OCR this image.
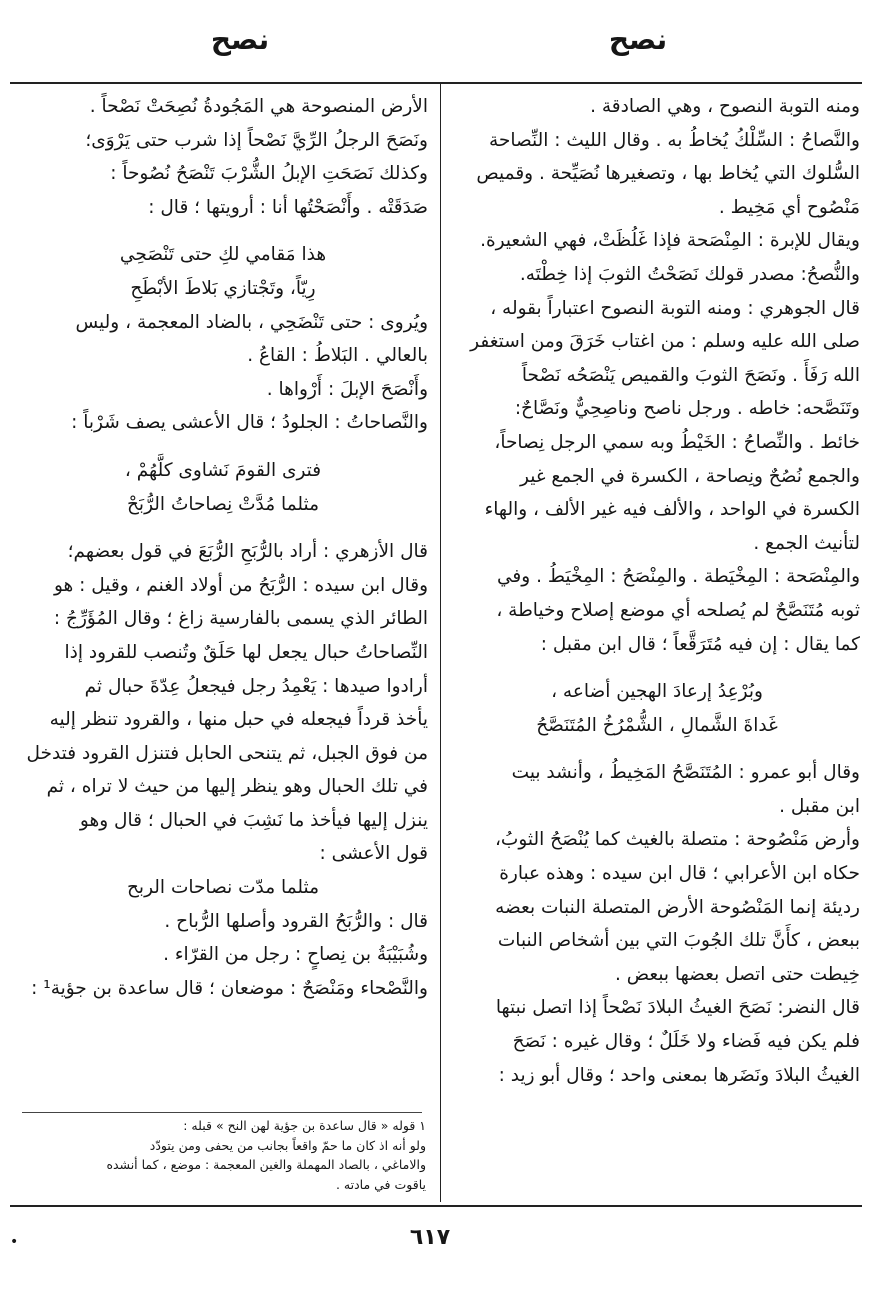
نصح
نصح

ومنه التوبة النصوح ، وهي الصادقة .

والنَّصاحُ : السِّلْكُ يُخاطُ به . وقال الليث : النِّصاحة

السُّلوك التي يُخاط بها ، وتصغيرها نُصَيِّحة . وقميص

مَنْصُوح أي مَخِيط .

ويقال للإبرة : المِنْصَحة فإذا غَلُظَتْ، فهي الشعيرة.

والنُّصحُ: مصدر قولك نَصَحْتُ الثوبَ إذا خِطْتَه.

قال الجوهري : ومنه التوبة النصوح اعتباراً بقوله ،

صلى الله عليه وسلم : من اغتاب خَرَقَ ومن استغفر

الله رَفَأَ . ونَصَحَ الثوبَ والقميص يَنْصَحُه نَصْحاً

وتَنَصَّحه: خاطه . ورجل ناصح وناصِحِيٌّ ونَصَّاحٌ:

خائط . والنِّصاحُ : الخَيْطُ وبه سمي الرجل نِصاحاً،

والجمع نُصُحٌ ونِصاحة ، الكسرة في الجمع غير

الكسرة في الواحد ، والألف فيه غير الألف ، والهاء

لتأنيث الجمع .

والمِنْصَحة : المِخْيَطة . والمِنْصَحُ : المِخْيَطُ . وفي

ثوبه مُتَنَصَّحٌ لم يُصلحه أي موضع إصلاح وخياطة ،

كما يقال : إن فيه مُتَرَقَّعاً ؛ قال ابن مقبل :

وبُرْعِدُ إرعادَ الهجين أضاعه ،

غَداةَ الشَّمالِ ، الشُّمْرُخُ المُتَنَصَّحُ

وقال أبو عمرو : المُتَنَصَّحُ المَخِيطُ ، وأنشد بيت

ابن مقبل .

وأرض مَنْصُوحة : متصلة بالغيث كما يُنْصَحُ الثوبُ،

حكاه ابن الأعرابي ؛ قال ابن سيده : وهذه عبارة

رديئة إنما المَنْصُوحة الأرض المتصلة النبات بعضه

ببعض ، كأَنَّ تلك الجُوبَ التي بين أشخاص النبات

خِيطت حتى اتصل بعضها ببعض .

قال النضر: نَصَحَ الغيثُ البلادَ نَصْحاً إذا اتصل نبتها

فلم يكن فيه فَضاء ولا خَلَلٌ ؛ وقال غيره : نَصَحَ

الغيثُ البلادَ ونَضَرها بمعنى واحد ؛ وقال أبو زيد :

الأرض المنصوحة هي المَجُودةُ نُصِحَتْ نَصْحاً .

ونَصَحَ الرجلُ الرِّيَّ نَصْحاً إذا شرب حتى يَرْوَى؛

وكذلك نَصَحَتِ الإبلُ الشُّرْبَ تَنْصَحُ نُصُوحاً :

صَدَقَتْه . وأَنْصَحْتُها أنا : أرويتها ؛ قال :

هذا مَقامي لكِ حتى تَنْصَحِي

رِيّاً، وتَجْتازي بَلاطَ الأبْطَحِ

ويُروى : حتى تَنْضَحِي ، بالضاد المعجمة ، وليس

بالعالي . البَلاطُ : القاعُ .

وأَنْصَحَ الإبلَ : أَرْواها .

والنَّصاحاتُ : الجلودُ ؛ قال الأعشى يصف شَرْباً :

فترى القومَ نَشاوى كلَّهُمْ ،

مثلما مُدَّتْ نِصاحاتُ الرُّبَحْ

قال الأزهري : أراد بالرُّبَحِ الرُّبَعَ في قول بعضهم؛

وقال ابن سيده : الرُّبَحُ من أولاد الغنم ، وقيل : هو

الطائر الذي يسمى بالفارسية زاغ ؛ وقال المُؤَرِّجُ :

النِّصاحاتُ حبال يجعل لها حَلَقٌ وتُنصب للقرود إذا

أرادوا صيدها : يَعْمِدُ رجل فيجعلُ عِدّةَ حبال ثم

يأخذ قرداً فيجعله في حبل منها ، والقرود تنظر إليه

من فوق الجبل، ثم يتنحى الحابل فتنزل القرود فتدخل

في تلك الحبال وهو ينظر إليها من حيث لا تراه ، ثم

ينزل إليها فيأخذ ما نَشِبَ في الحبال ؛ قال وهو

قول الأعشى :

مثلما مدّت نصاحات الربح

قال : والرُّبَحُ القرود وأصلها الرُّباح .

وشُبَيْبَةُ بن نِصاحٍ : رجل من القرّاء .

والنَّصْحاء ومَنْصَحٌ : موضعان ؛ قال ساعدة بن جؤية¹ :

١ قوله « قال ساعدة بن جؤية لهن النح » قبله :

ولو أنه اذ كان ما حمّ واقعاً بجانب من يحفى ومن يتودّد

والاماغي ، بالصاد المهملة والغين المعجمة : موضع ، كما أنشده

ياقوت في مادته .

٦١٧
•
